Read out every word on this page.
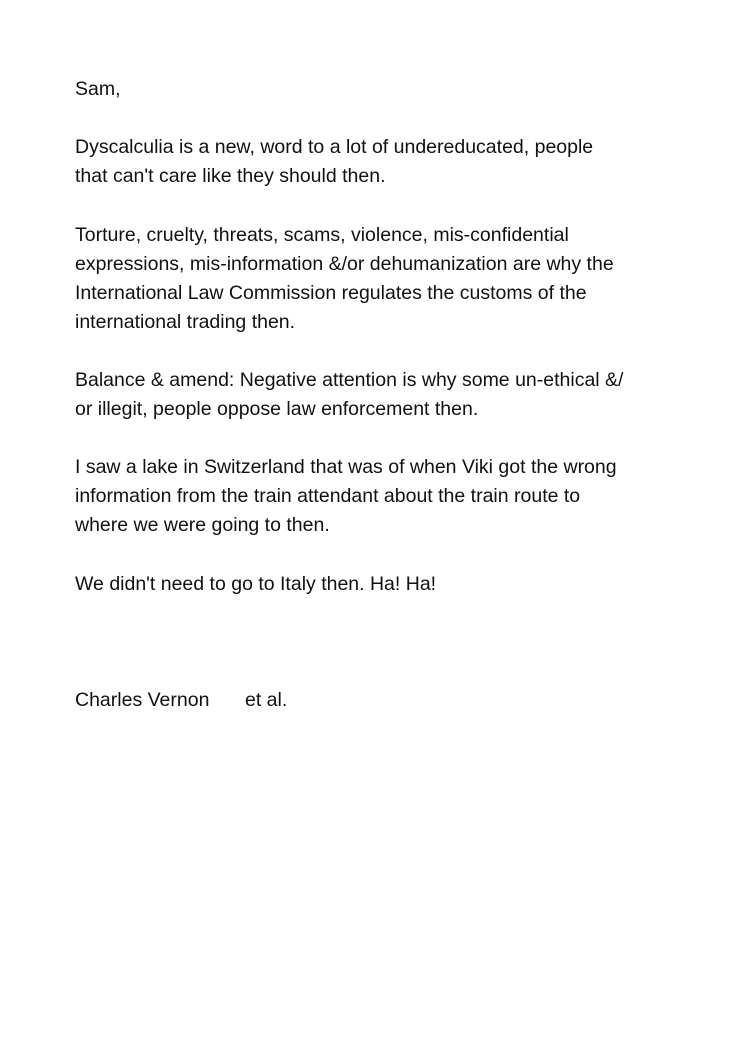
Sam,

Dyscalculia is a new, word to a lot of undereducated, people

that can't care like they should then.

Torture, cruelty, threats, scams, violence, mis-confidential

expressions, mis-information &/or dehumanization are why the

International Law Commission regulates the customs of the

international trading then.

Balance & amend: Negative attention is why some un-ethical &/

or illegit, people oppose law enforcement then.

I saw a lake in Switzerland that was of when Viki got the wrong

information from the train attendant about the train route to

where we were going to then.

We didn't need to go to Italy then. Ha! Ha!

Charles Vernon et al.
